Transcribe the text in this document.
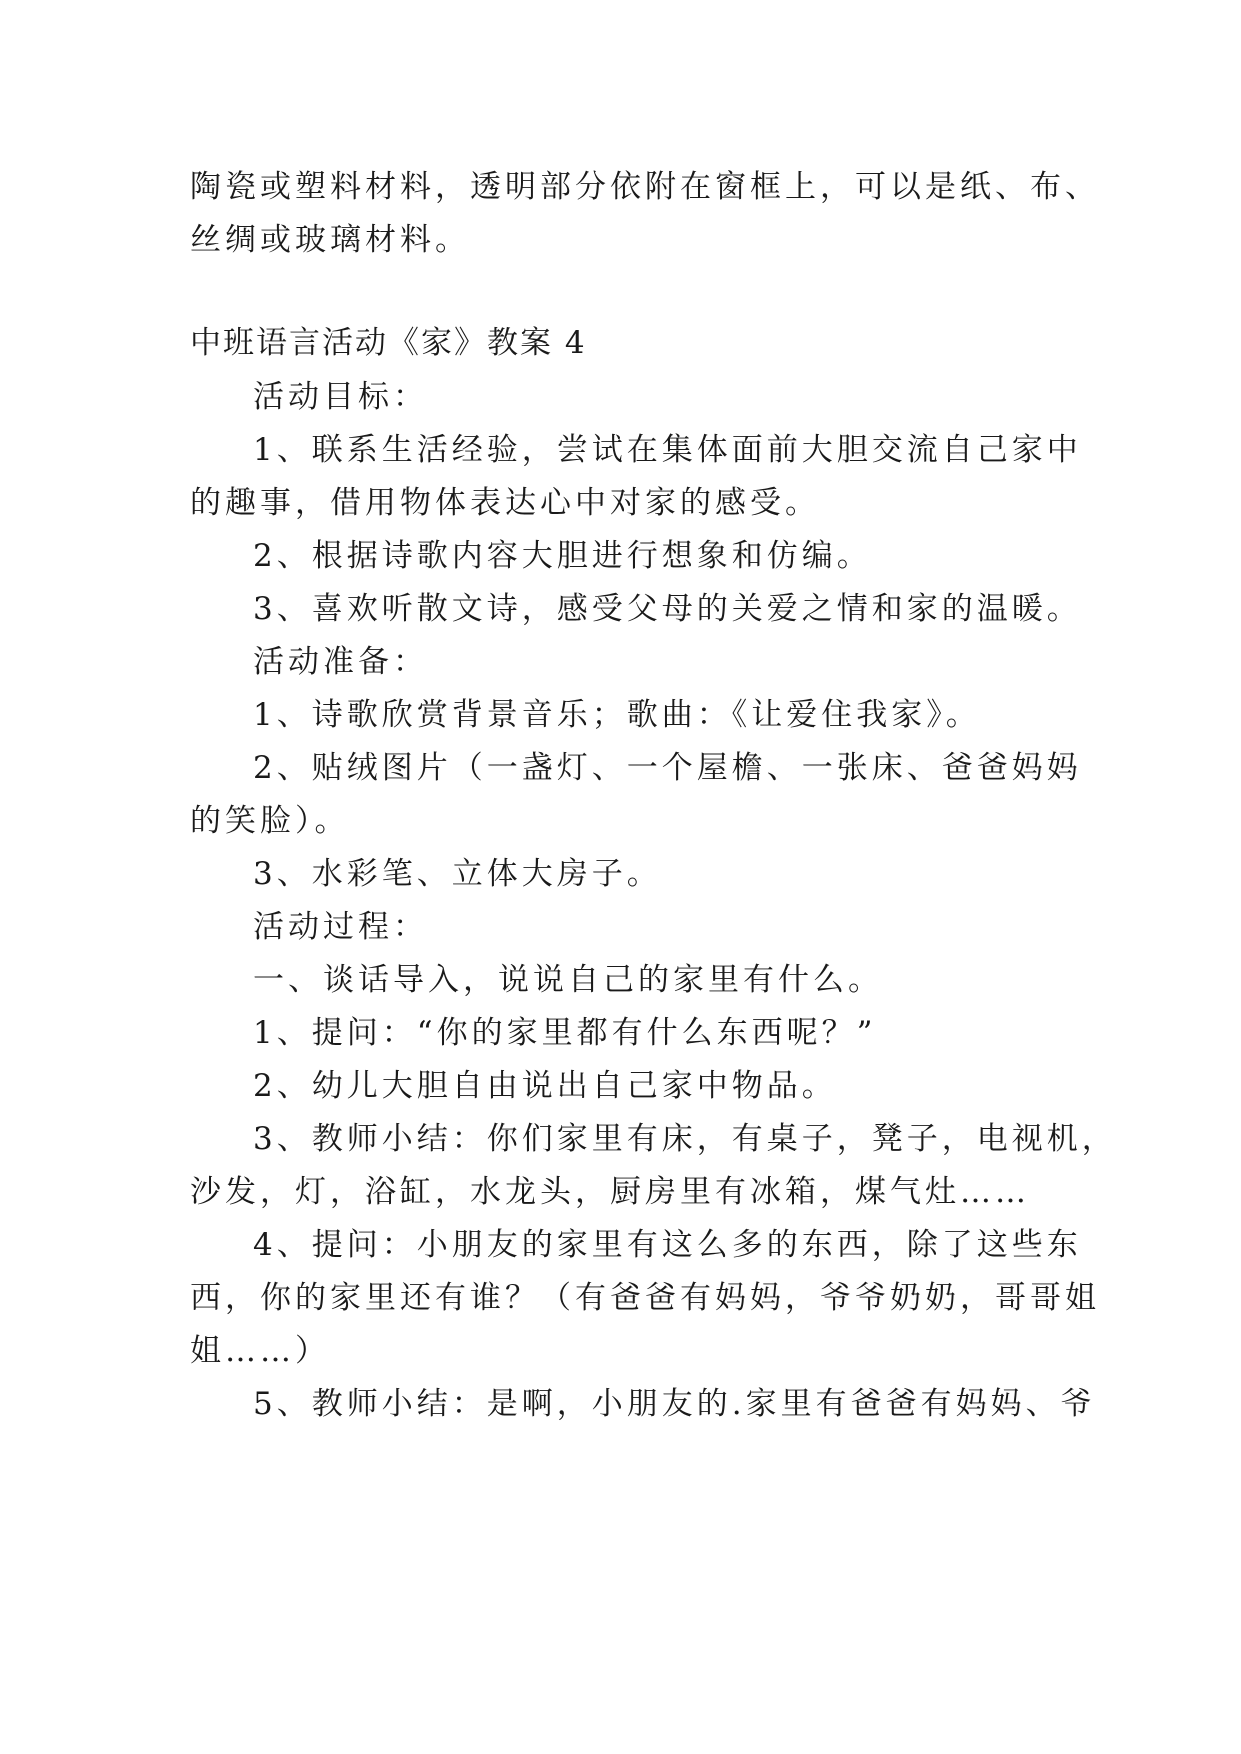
陶瓷或塑料材料，透明部分依附在窗框上，可以是纸、布、
丝绸或玻璃材料。
中班语言活动《家》教案 4
活动目标：
1、联系生活经验，尝试在集体面前大胆交流自己家中
的趣事，借用物体表达心中对家的感受。
2、根据诗歌内容大胆进行想象和仿编。
3、喜欢听散文诗，感受父母的关爱之情和家的温暖。
活动准备：
1、诗歌欣赏背景音乐；歌曲：《让爱住我家》。
2、贴绒图片（一盏灯、一个屋檐、一张床、爸爸妈妈
的笑脸）。
3、水彩笔、立体大房子。
活动过程：
一、谈话导入，说说自己的家里有什么。
1、提问：“你的家里都有什么东西呢？”
2、幼儿大胆自由说出自己家中物品。
3、教师小结：你们家里有床，有桌子，凳子，电视机，
沙发，灯，浴缸，水龙头，厨房里有冰箱，煤气灶……
4、提问：小朋友的家里有这么多的东西，除了这些东
西，你的家里还有谁？（有爸爸有妈妈，爷爷奶奶，哥哥姐
姐……）
5、教师小结：是啊，小朋友的.家里有爸爸有妈妈、爷
